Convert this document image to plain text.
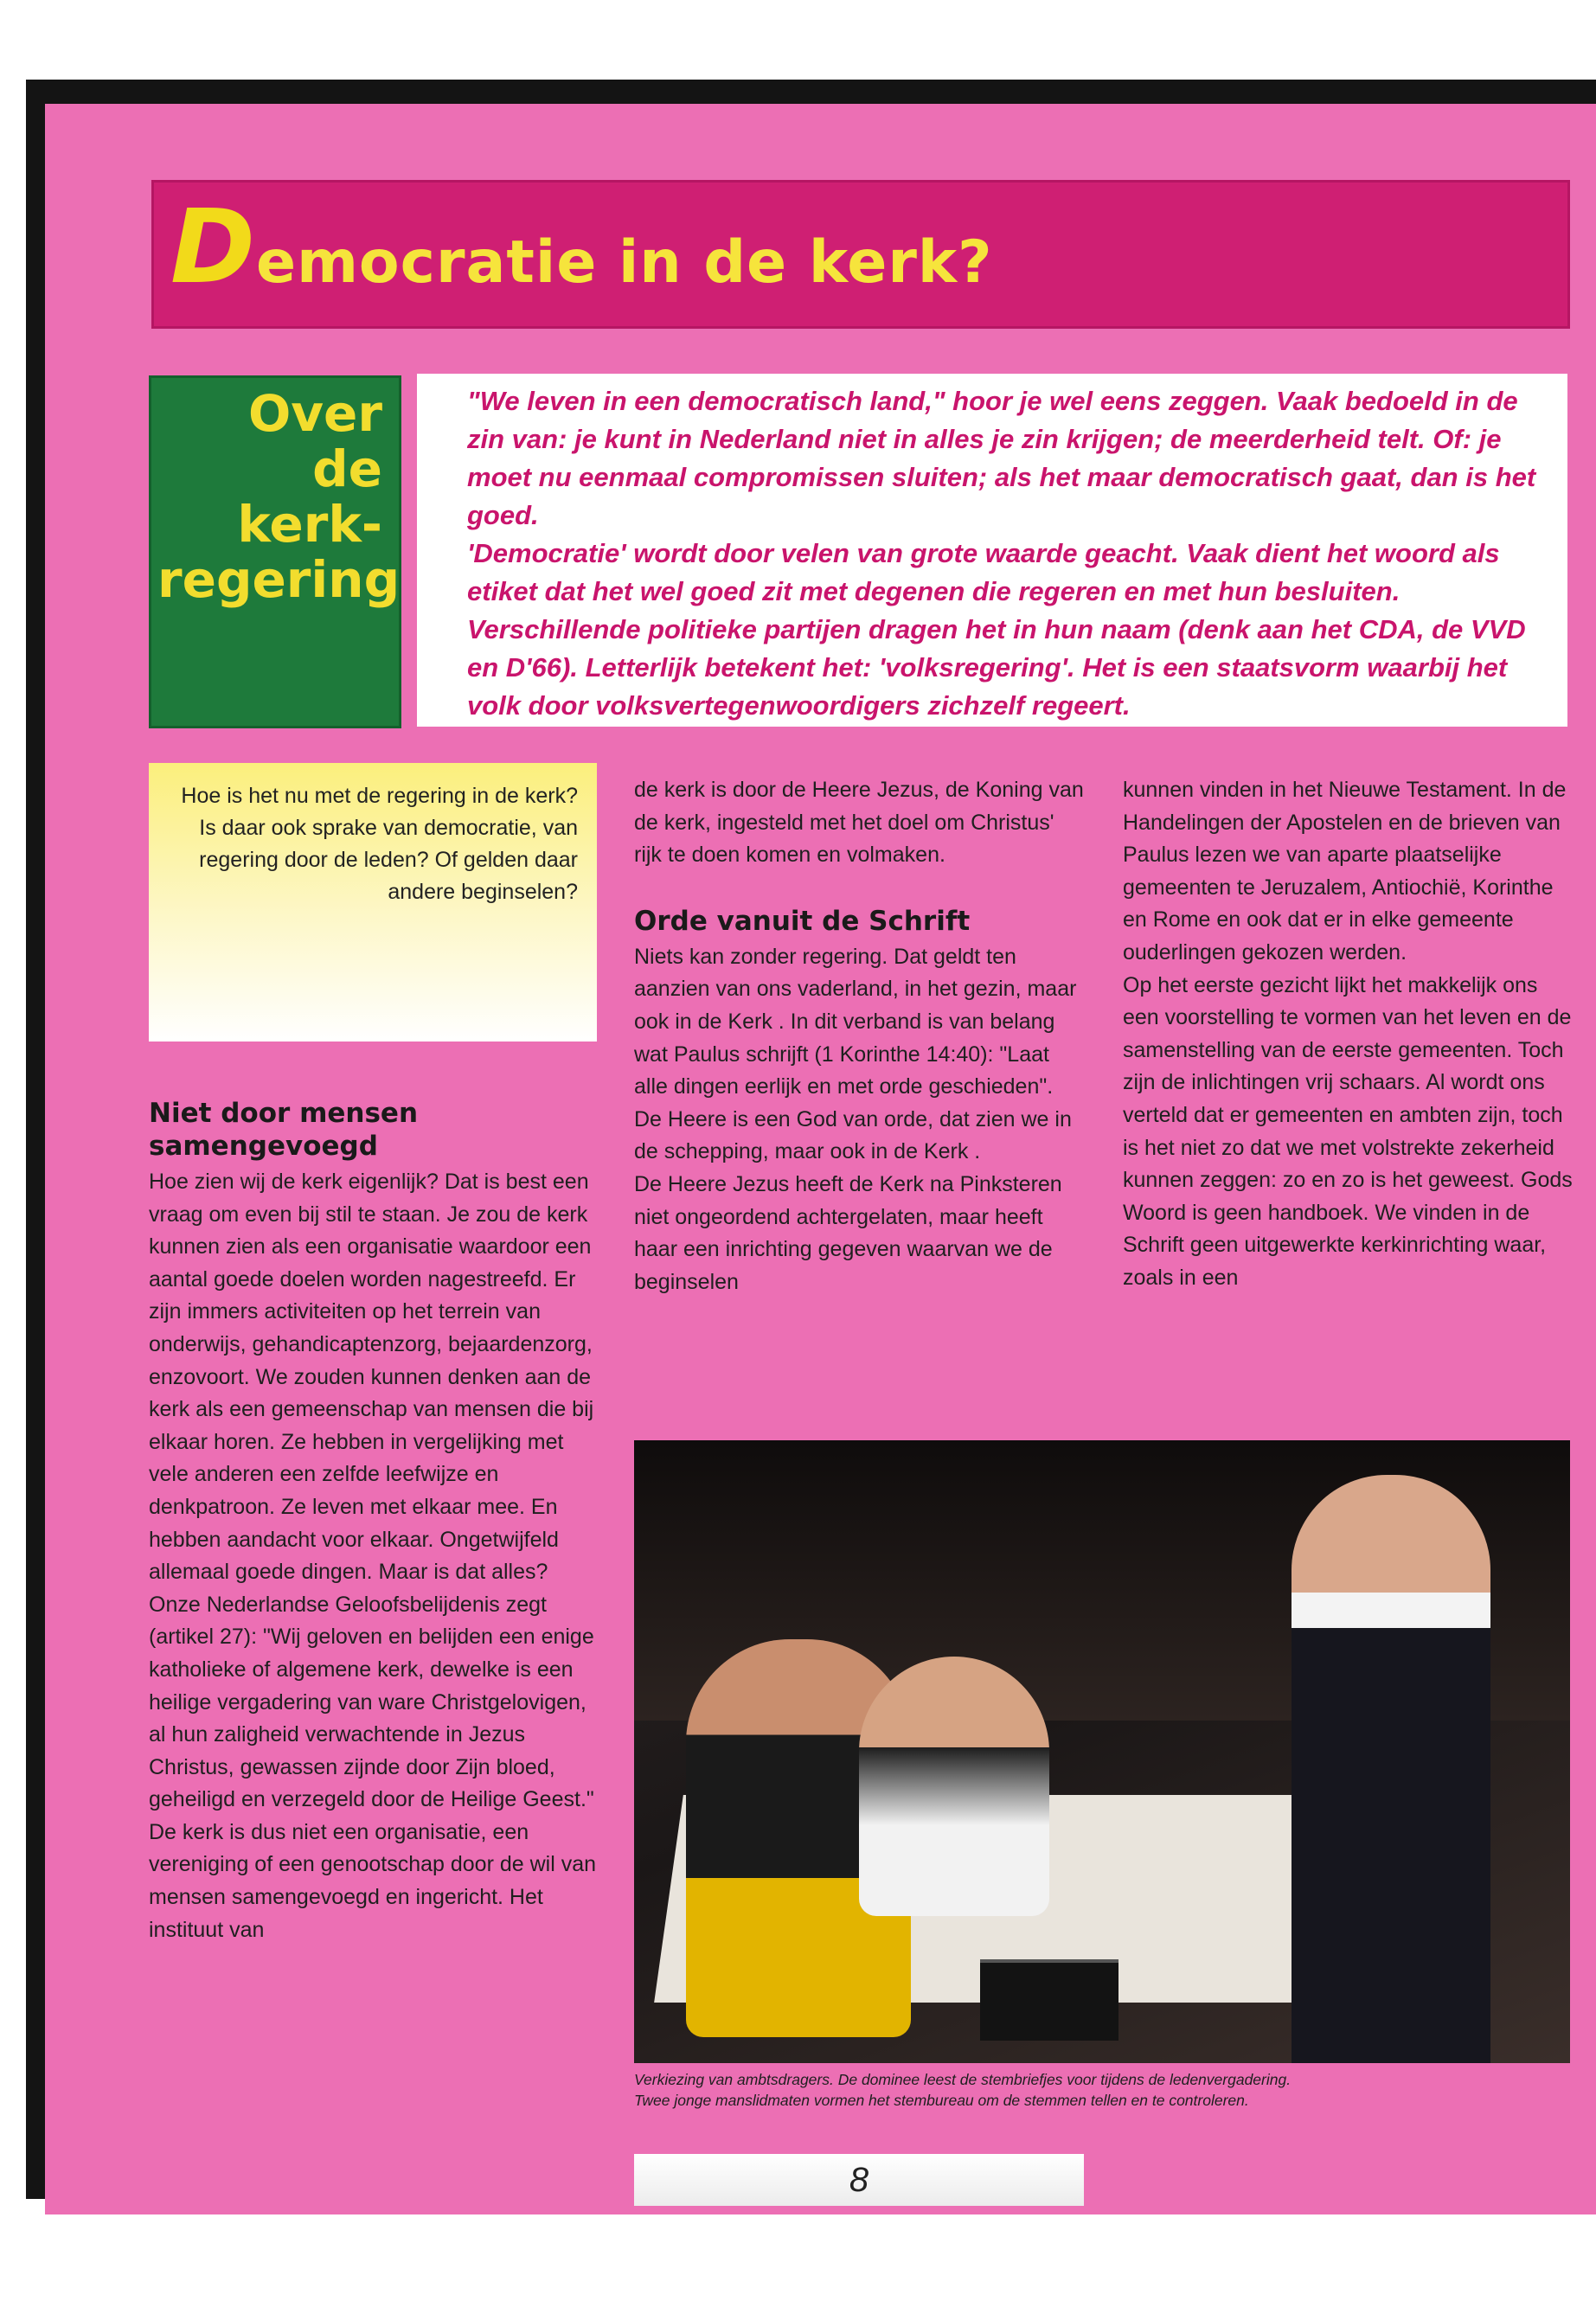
Democratie in de kerk?
Over
de
kerk-
regering

"We leven in een democratisch land," hoor je wel eens zeggen. Vaak bedoeld in de zin van: je kunt in Nederland niet in alles je zin krijgen; de meerderheid telt. Of: je moet nu eenmaal compromissen sluiten; als het maar democratisch gaat, dan is het goed.

'Democratie' wordt door velen van grote waarde geacht. Vaak dient het woord als etiket dat het wel goed zit met degenen die regeren en met hun besluiten. Verschillende politieke partijen dragen het in hun naam (denk aan het CDA, de VVD en D'66). Letterlijk betekent het: 'volksregering'. Het is een staatsvorm waarbij het volk door volksvertegenwoordigers zichzelf regeert.

Hoe is het nu met de regering in de kerk? Is daar ook sprake van democratie, van regering door de leden? Of gelden daar andere beginselen?
Niet door mensen samengevoegd

Hoe zien wij de kerk eigenlijk? Dat is best een vraag om even bij stil te staan. Je zou de kerk kunnen zien als een organisatie waardoor een aantal goede doelen worden nagestreefd. Er zijn immers activiteiten op het terrein van onderwijs, gehandicaptenzorg, bejaardenzorg, enzovoort. We zouden kunnen denken aan de kerk als een gemeenschap van mensen die bij elkaar horen. Ze hebben in vergelijking met vele anderen een zelfde leefwijze en denkpatroon. Ze leven met elkaar mee. En hebben aandacht voor elkaar. Ongetwijfeld allemaal goede dingen. Maar is dat alles?

Onze Nederlandse Geloofsbelijdenis zegt (artikel 27): "Wij geloven en belijden een enige katholieke of algemene kerk, dewelke is een heilige vergadering van ware Christgelovigen, al hun zaligheid verwachtende in Jezus Christus, gewassen zijnde door Zijn bloed, geheiligd en verzegeld door de Heilige Geest."

De kerk is dus niet een organisatie, een vereniging of een genootschap door de wil van mensen samengevoegd en ingericht. Het instituut van

de kerk is door de Heere Jezus, de Koning van de kerk, ingesteld met het doel om Christus' rijk te doen komen en volmaken.

Orde vanuit de Schrift

Niets kan zonder regering. Dat geldt ten aanzien van ons vaderland, in het gezin, maar ook in de Kerk . In dit verband is van belang wat Paulus schrijft (1 Korinthe 14:40): "Laat alle dingen eerlijk en met orde geschieden". De Heere is een God van orde, dat zien we in de schepping, maar ook in de Kerk .

De Heere Jezus heeft de Kerk na Pinksteren niet ongeordend achtergelaten, maar heeft haar een inrichting gegeven waarvan we de beginselen

kunnen vinden in het Nieuwe Testament. In de Handelingen der Apostelen en de brieven van Paulus lezen we van aparte plaatselijke gemeenten te Jeruzalem, Antiochië, Korinthe en Rome en ook dat er in elke gemeente ouderlingen gekozen werden.

Op het eerste gezicht lijkt het makkelijk ons een voorstelling te vormen van het leven en de samenstelling van de eerste gemeenten. Toch zijn de inlichtingen vrij schaars. Al wordt ons verteld dat er gemeenten en ambten zijn, toch is het niet zo dat we met volstrekte zekerheid kunnen zeggen: zo en zo is het geweest. Gods Woord is geen handboek. We vinden in de Schrift geen uitgewerkte kerkinrichting waar, zoals in een

Verkiezing van ambtsdragers. De dominee leest de stembriefjes voor tijdens de ledenvergadering.
Twee jonge manslidmaten vormen het stembureau om de stemmen tellen en te controleren.
8
